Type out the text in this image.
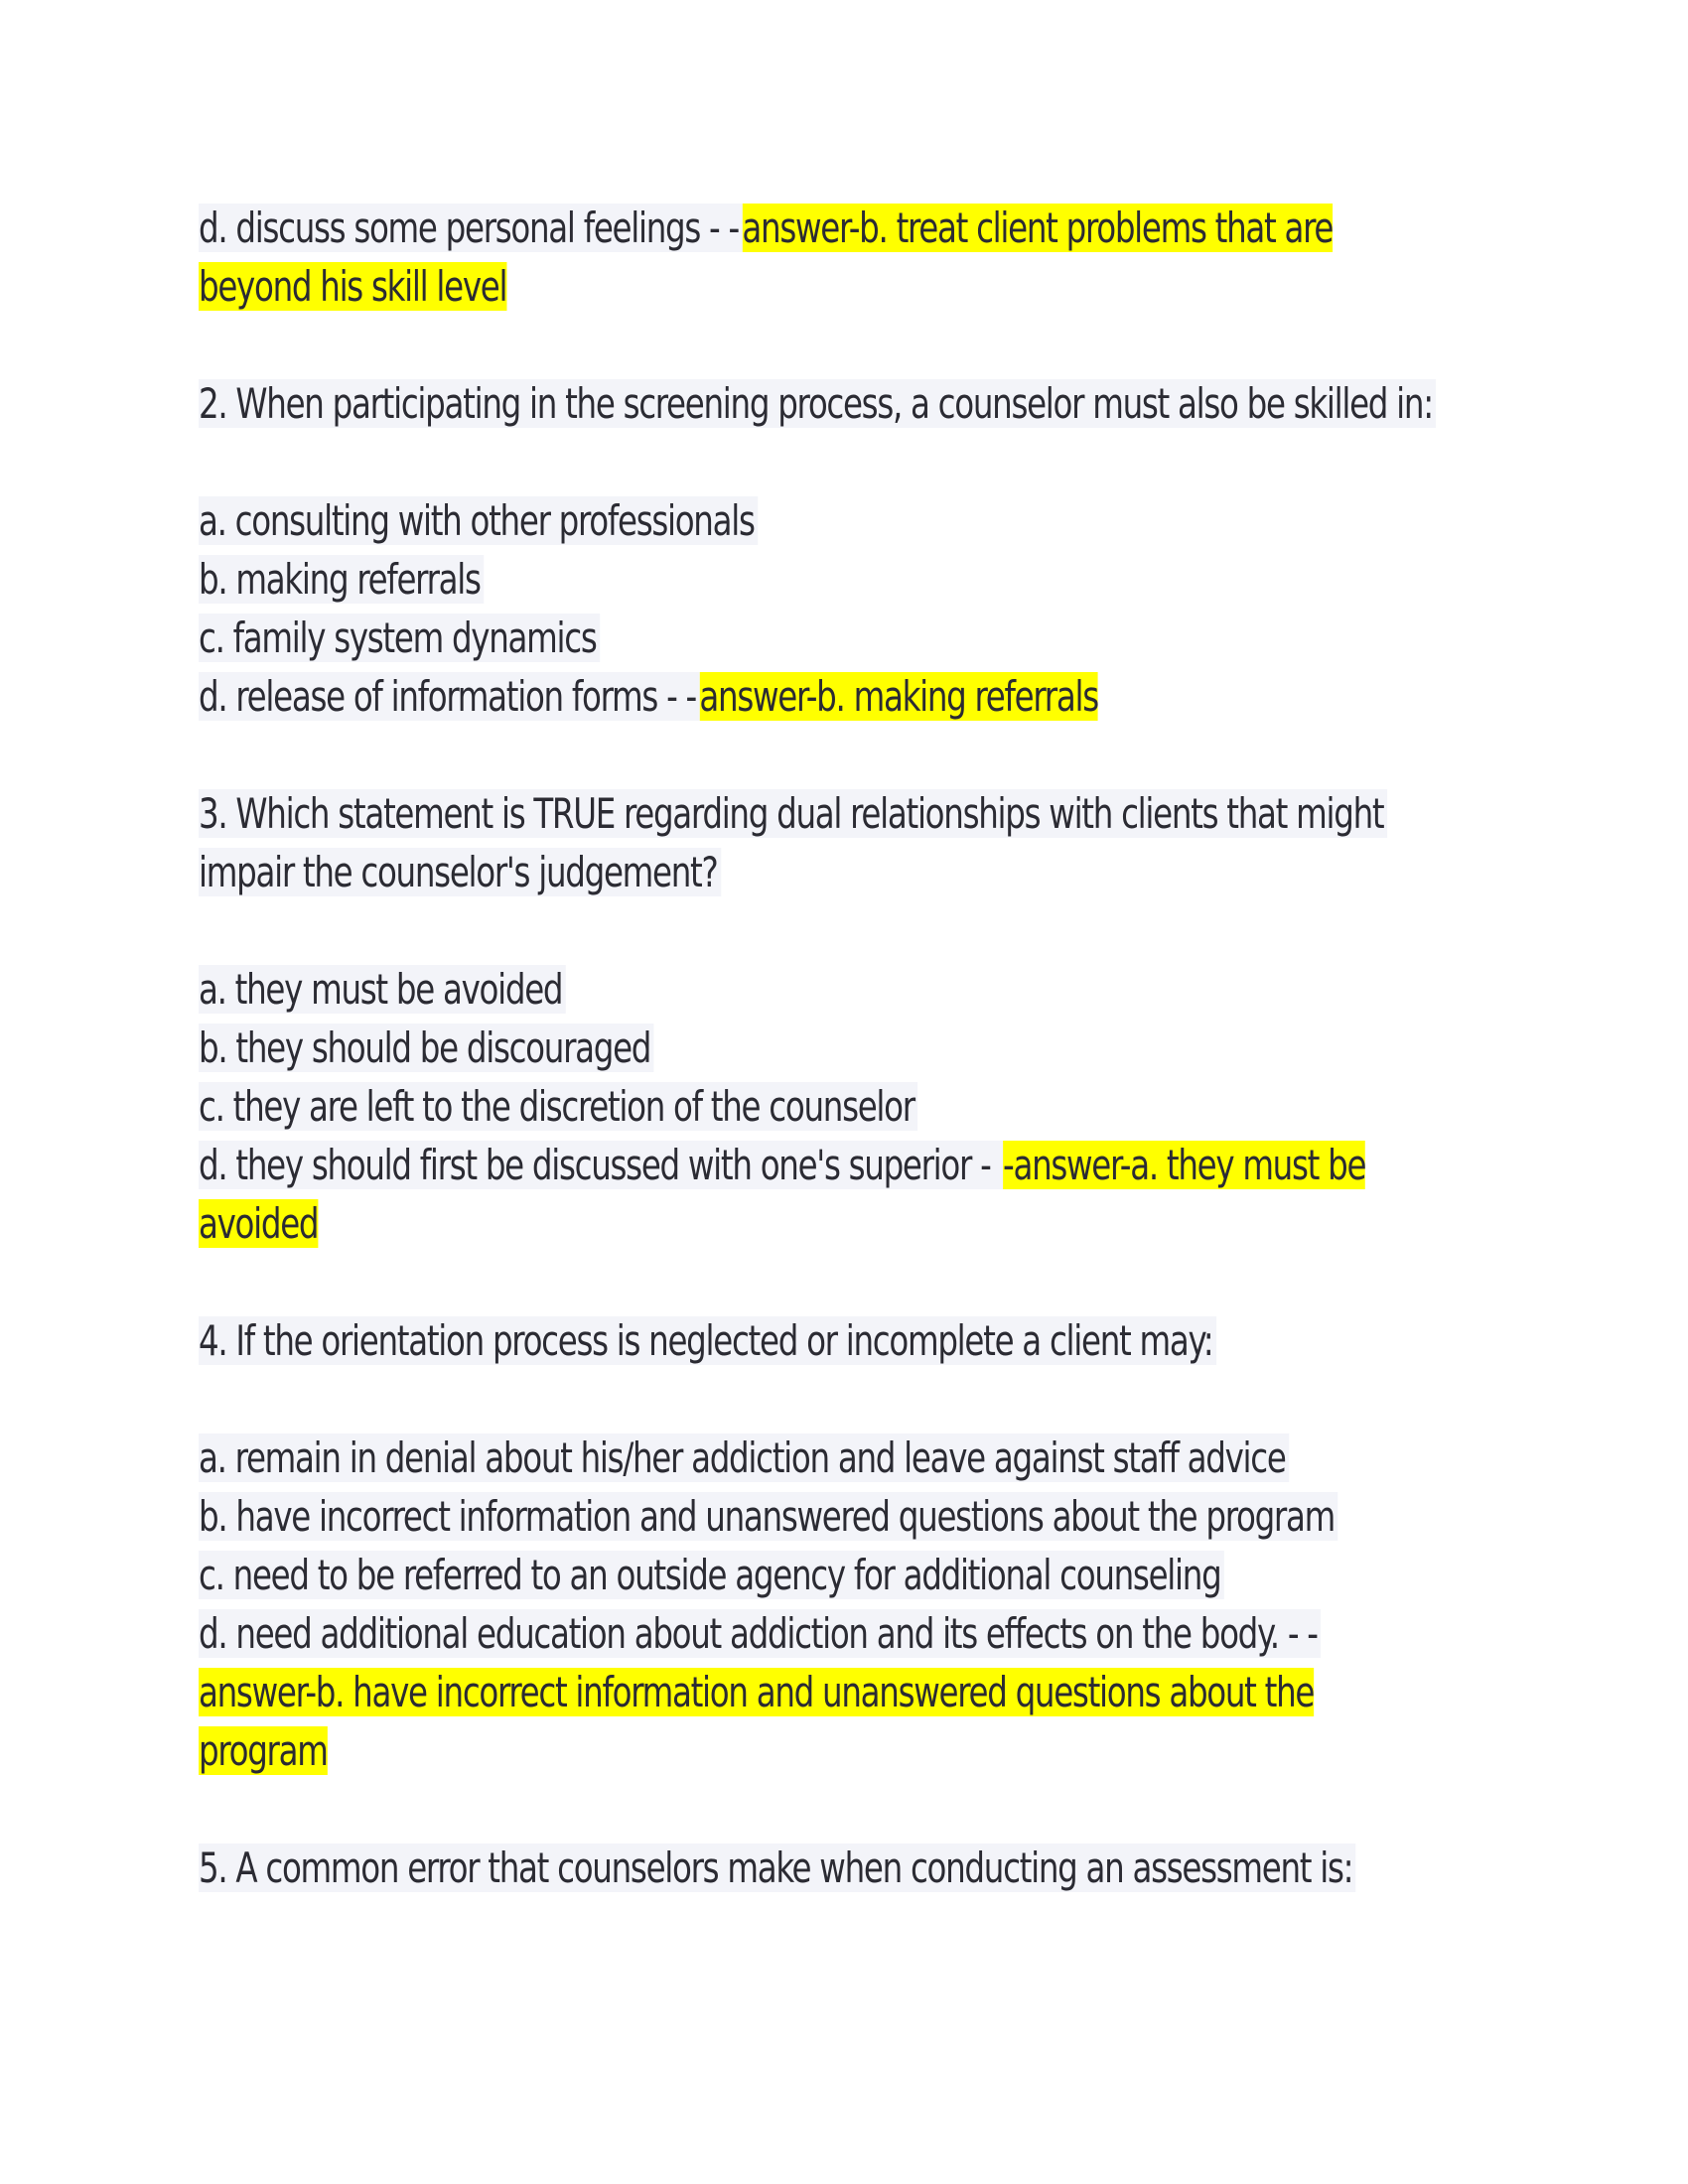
d. discuss some personal feelings - -answer-b. treat client problems that are
beyond his skill level
2. When participating in the screening process, a counselor must also be skilled in:
a. consulting with other professionals
b. making referrals
c. family system dynamics
d. release of information forms - -answer-b. making referrals
3. Which statement is TRUE regarding dual relationships with clients that might
impair the counselor's judgement?
a. they must be avoided
b. they should be discouraged
c. they are left to the discretion of the counselor
d. they should first be discussed with one's superior - -answer-a. they must be
avoided
4. If the orientation process is neglected or incomplete a client may:
a. remain in denial about his/her addiction and leave against staff advice
b. have incorrect information and unanswered questions about the program
c. need to be referred to an outside agency for additional counseling
d. need additional education about addiction and its effects on the body. - -
answer-b. have incorrect information and unanswered questions about the
program
5. A common error that counselors make when conducting an assessment is:
